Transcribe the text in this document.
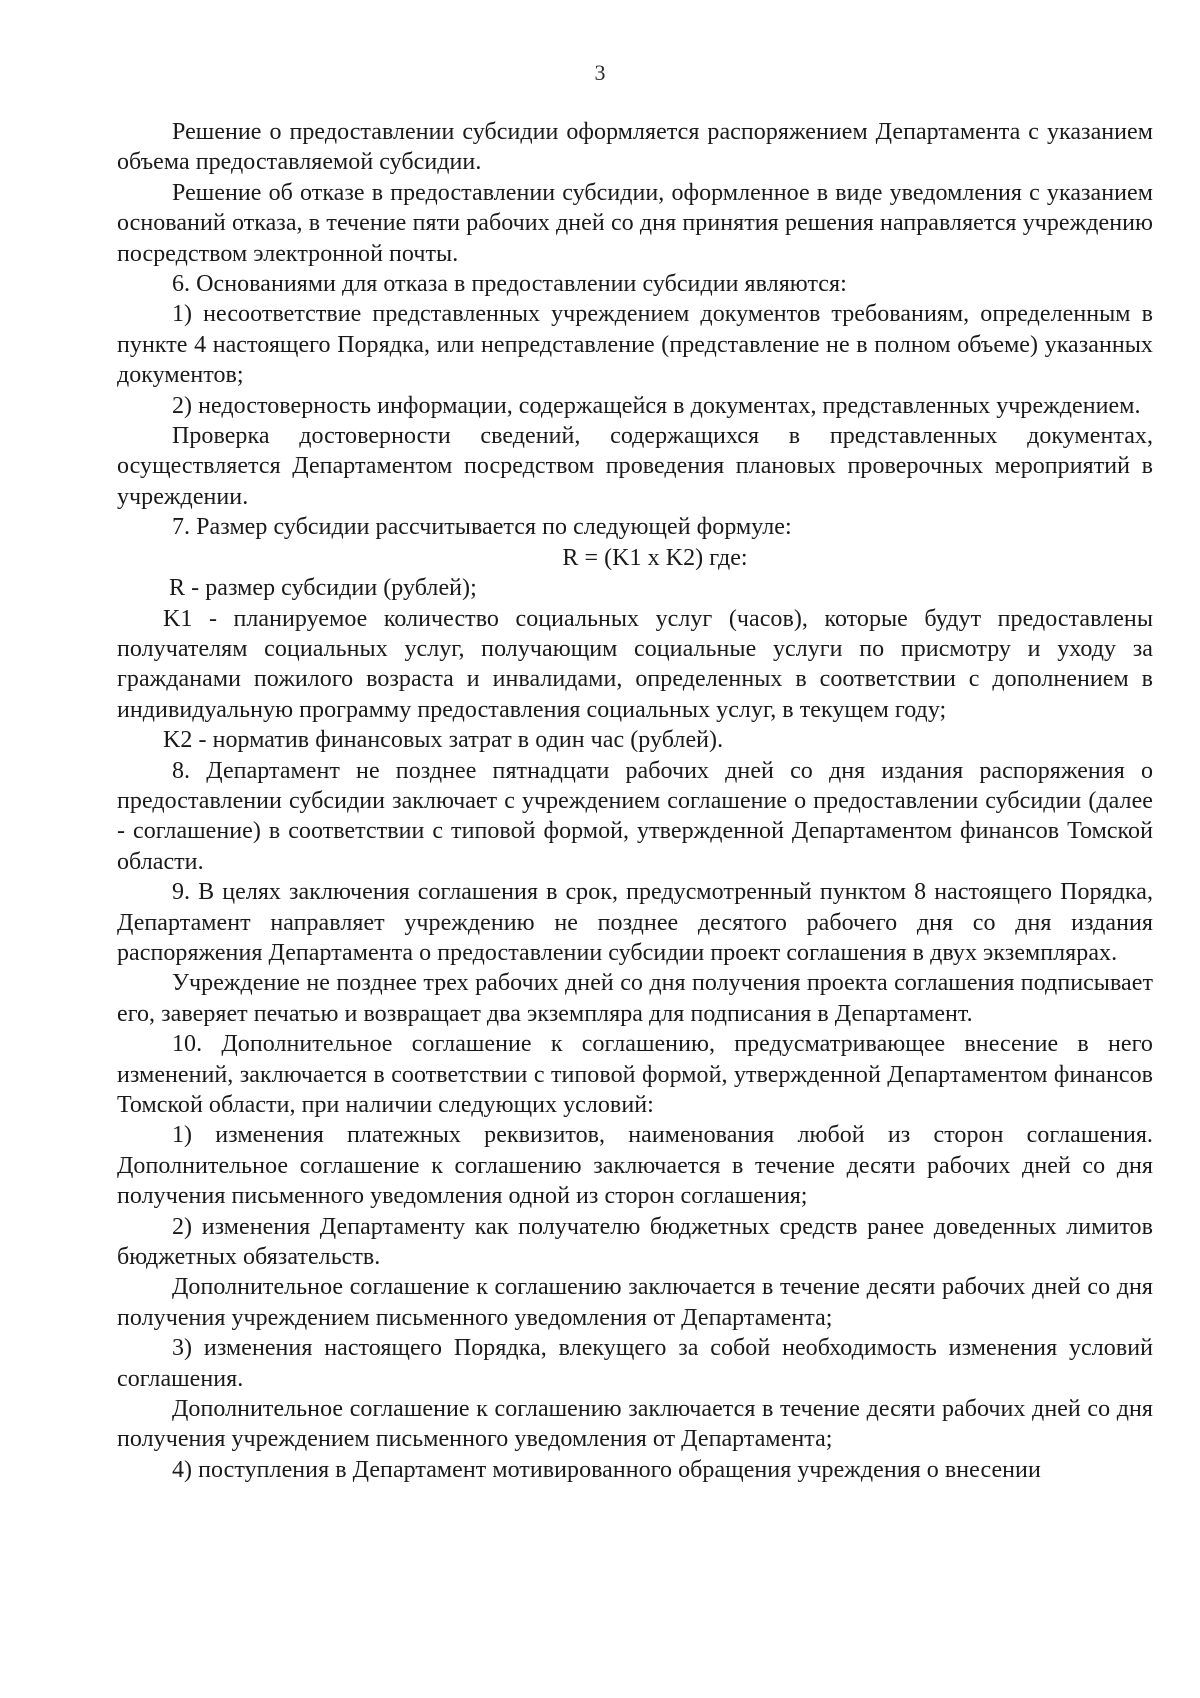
3

Решение о предоставлении субсидии оформляется распоряжением Департамента с указанием объема предоставляемой субсидии.

Решение об отказе в предоставлении субсидии, оформленное в виде уведомления с указанием оснований отказа, в течение пяти рабочих дней со дня принятия решения направляется учреждению посредством электронной почты.

6. Основаниями для отказа в предоставлении субсидии являются:

1) несоответствие представленных учреждением документов требованиям, определенным в пункте 4 настоящего Порядка, или непредставление (представление не в полном объеме) указанных документов;

2) недостоверность информации, содержащейся в документах, представленных учреждением.

Проверка достоверности сведений, содержащихся в представленных документах, осуществляется Департаментом посредством проведения плановых проверочных мероприятий в учреждении.

7. Размер субсидии рассчитывается по следующей формуле:

R = (K1 x K2) где:

R - размер субсидии (рублей);

K1 - планируемое количество социальных услуг (часов), которые будут предоставлены получателям социальных услуг, получающим социальные услуги по присмотру и уходу за гражданами пожилого возраста и инвалидами, определенных в соответствии с дополнением в индивидуальную программу предоставления социальных услуг, в текущем году;

K2 - норматив финансовых затрат в один час (рублей).

8. Департамент не позднее пятнадцати рабочих дней со дня издания распоряжения о предоставлении субсидии заключает с учреждением соглашение о предоставлении субсидии (далее - соглашение) в соответствии с типовой формой, утвержденной Департаментом финансов Томской области.

9. В целях заключения соглашения в срок, предусмотренный пунктом 8 настоящего Порядка, Департамент направляет учреждению не позднее десятого рабочего дня со дня издания распоряжения Департамента о предоставлении субсидии проект соглашения в двух экземплярах.

Учреждение не позднее трех рабочих дней со дня получения проекта соглашения подписывает его, заверяет печатью и возвращает два экземпляра для подписания в Департамент.

10. Дополнительное соглашение к соглашению, предусматривающее внесение в него изменений, заключается в соответствии с типовой формой, утвержденной Департаментом финансов Томской области, при наличии следующих условий:

1) изменения платежных реквизитов, наименования любой из сторон соглашения. Дополнительное соглашение к соглашению заключается в течение десяти рабочих дней со дня получения письменного уведомления одной из сторон соглашения;

2) изменения Департаменту как получателю бюджетных средств ранее доведенных лимитов бюджетных обязательств.

Дополнительное соглашение к соглашению заключается в течение десяти рабочих дней со дня получения учреждением письменного уведомления от Департамента;

3) изменения настоящего Порядка, влекущего за собой необходимость изменения условий соглашения.

Дополнительное соглашение к соглашению заключается в течение десяти рабочих дней со дня получения учреждением письменного уведомления от Департамента;

4) поступления в Департамент мотивированного обращения учреждения о внесении
